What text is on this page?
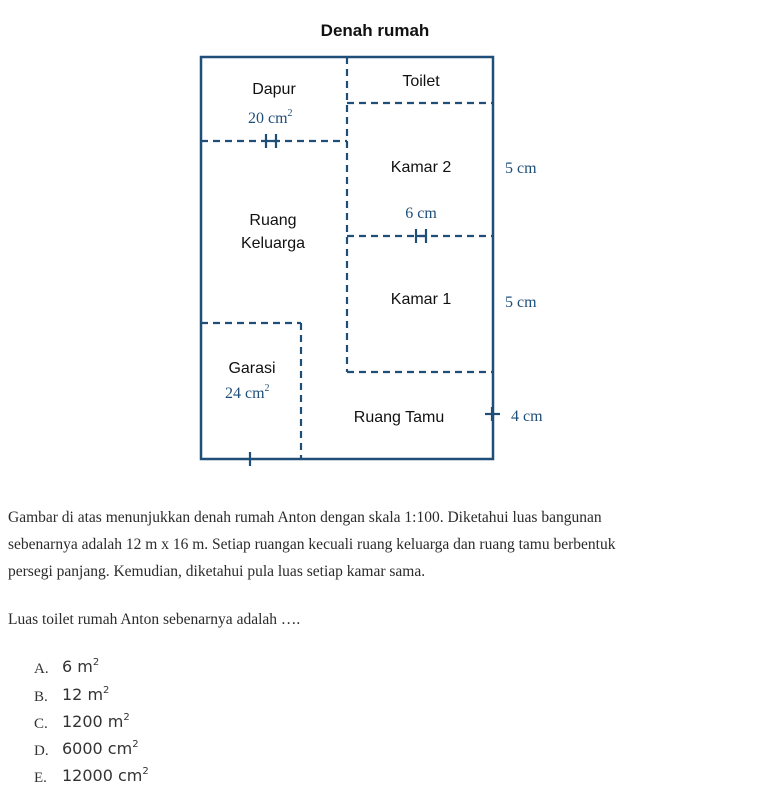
Denah rumah
Dapur	Toilet
Kamar 2
Ruang
Keluarga
Kamar 1
Garasi
Ruang Tamu
20 $cm^2$
24 $cm^2$
6 cm
5 cm
5 cm
4 cm
Gambar di atas menunjukkan denah rumah Anton dengan skala 1:100. Diketahui luas bangunan
sebenarnya adalah 12 m x 16 m. Setiap ruangan kecuali ruang keluarga dan ruang tamu berbentuk
persegi panjang. Kemudian, diketahui pula luas setiap kamar sama.
Luas toilet rumah Anton sebenarnya adalah ….
A. 6 $m^2$
B. 12 $m^2$
C. 1200 $m^2$
D. 6000 $cm^2$
E. 12000 $cm^2$
